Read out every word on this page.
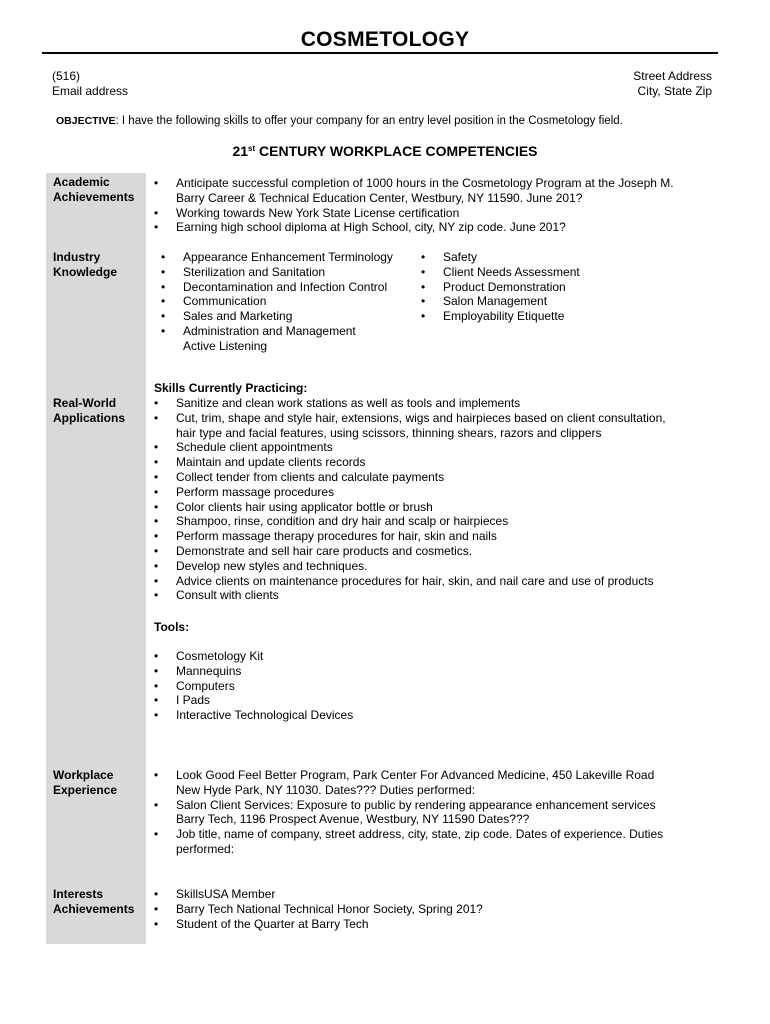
COSMETOLOGY
(516)
Email address
Street Address
City, State Zip
OBJECTIVE: I have the following skills to offer your company for an entry level position in the Cosmetology field.
21st CENTURY WORKPLACE COMPETENCIES
Academic
Achievements
• Anticipate successful completion of 1000 hours in the Cosmetology Program at the Joseph M.
Barry Career & Technical Education Center, Westbury, NY 11590. June 201?
• Working towards New York State License certification
• Earning high school diploma at High School, city, NY zip code. June 201?
Industry
Knowledge
• Appearance Enhancement Terminology
• Sterilization and Sanitation
• Decontamination and Infection Control
• Communication
• Sales and Marketing
• Administration and Management
Active Listening
• Safety
• Client Needs Assessment
• Product Demonstration
• Salon Management
• Employability Etiquette
Skills Currently Practicing:
Real-World
Applications
• Sanitize and clean work stations as well as tools and implements
• Cut, trim, shape and style hair, extensions, wigs and hairpieces based on client consultation,
hair type and facial features, using scissors, thinning shears, razors and clippers
• Schedule client appointments
• Maintain and update clients records
• Collect tender from clients and calculate payments
• Perform massage procedures
• Color clients hair using applicator bottle or brush
• Shampoo, rinse, condition and dry hair and scalp or hairpieces
• Perform massage therapy procedures for hair, skin and nails
• Demonstrate and sell hair care products and cosmetics.
• Develop new styles and techniques.
• Advice clients on maintenance procedures for hair, skin, and nail care and use of products
• Consult with clients
Tools:
• Cosmetology Kit
• Mannequins
• Computers
• I Pads
• Interactive Technological Devices
Workplace
Experience
• Look Good Feel Better Program, Park Center For Advanced Medicine, 450 Lakeville Road
New Hyde Park, NY 11030. Dates??? Duties performed:
• Salon Client Services: Exposure to public by rendering appearance enhancement services
Barry Tech, 1196 Prospect Avenue, Westbury, NY 11590 Dates???
• Job title, name of company, street address, city, state, zip code. Dates of experience. Duties
performed:
Interests
Achievements
• SkillsUSA Member
• Barry Tech National Technical Honor Society, Spring 201?
• Student of the Quarter at Barry Tech
